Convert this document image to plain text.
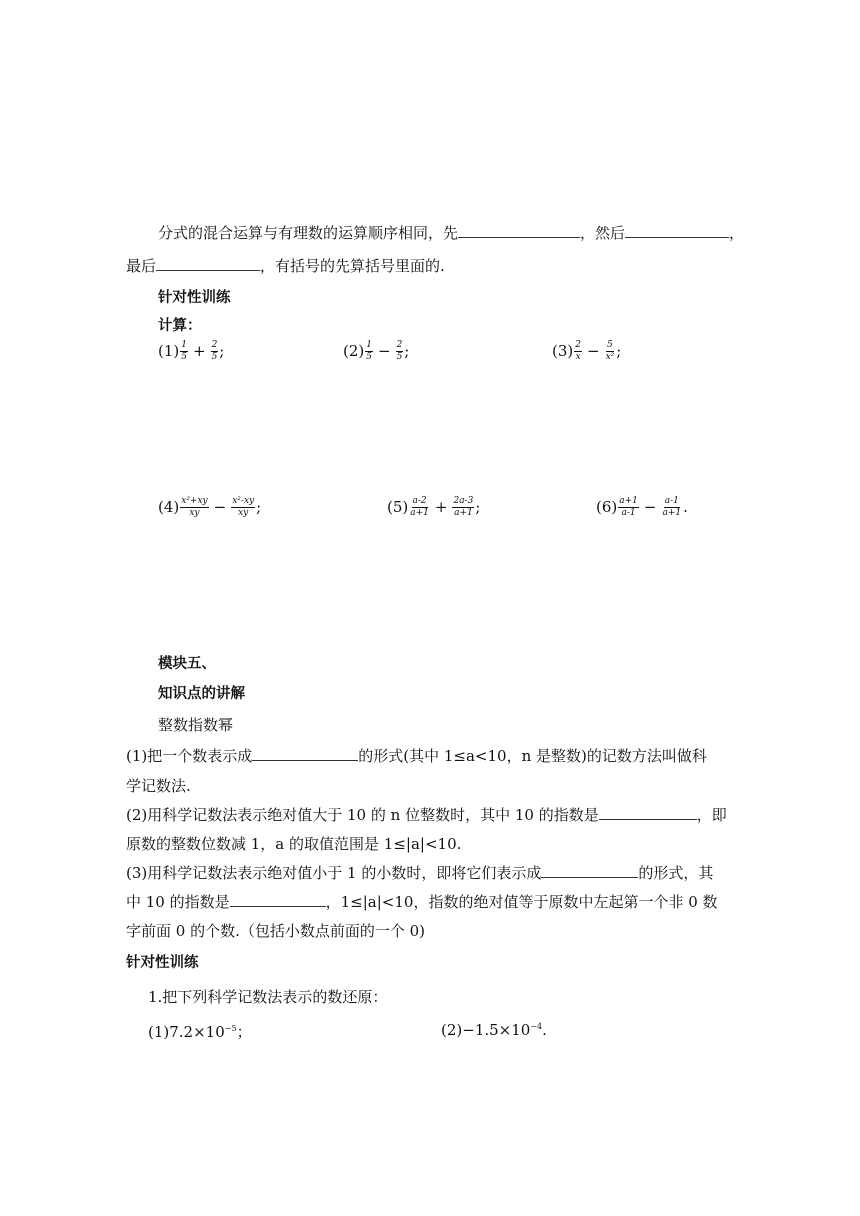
分式的混合运算与有理数的运算顺序相同，先	，然后	，
最后	，有括号的先算括号里面的.
针对性训练
计算：
$(1) \frac{1}{5} + \frac{2}{5}$ ;	$(2) \frac{1}{5} - \frac{2}{5}$ ;	$(3) \frac{2}{x} - \frac{5}{\text{x²}}$ ;
$(4) \frac{\text{x²+xy}}{xy} - \frac{\text{x²-xy}}{xy}$ ;	$(5) \frac{a-2}{a+1} + \frac{2a-3}{a+1}$ ;	$(6) \frac{a+1}{a-1} - \frac{a-1}{a+1}$ .
模块五、
知识点的讲解
整数指数幂
(1)把一个数表示成	的形式(其中 1≤a<10，n 是整数)的记数方法叫做科
学记数法.
(2)用科学记数法表示绝对值大于 10 的 n 位整数时，其中 10 的指数是	，即
原数的整数位数减 1，a 的取值范围是 1≤|a|<10.
(3)用科学记数法表示绝对值小于 1 的小数时，即将它们表示成	的形式，其
中 10 的指数是	，1≤|a|<10，指数的绝对值等于原数中左起第一个非 0 数
字前面 0 的个数.（包括小数点前面的一个 0)
针对性训练
1.把下列科学记数法表示的数还原：
$(1)7.2\times 10^{-5}$；	$(2)-1.5\times 10^{-4}$.
